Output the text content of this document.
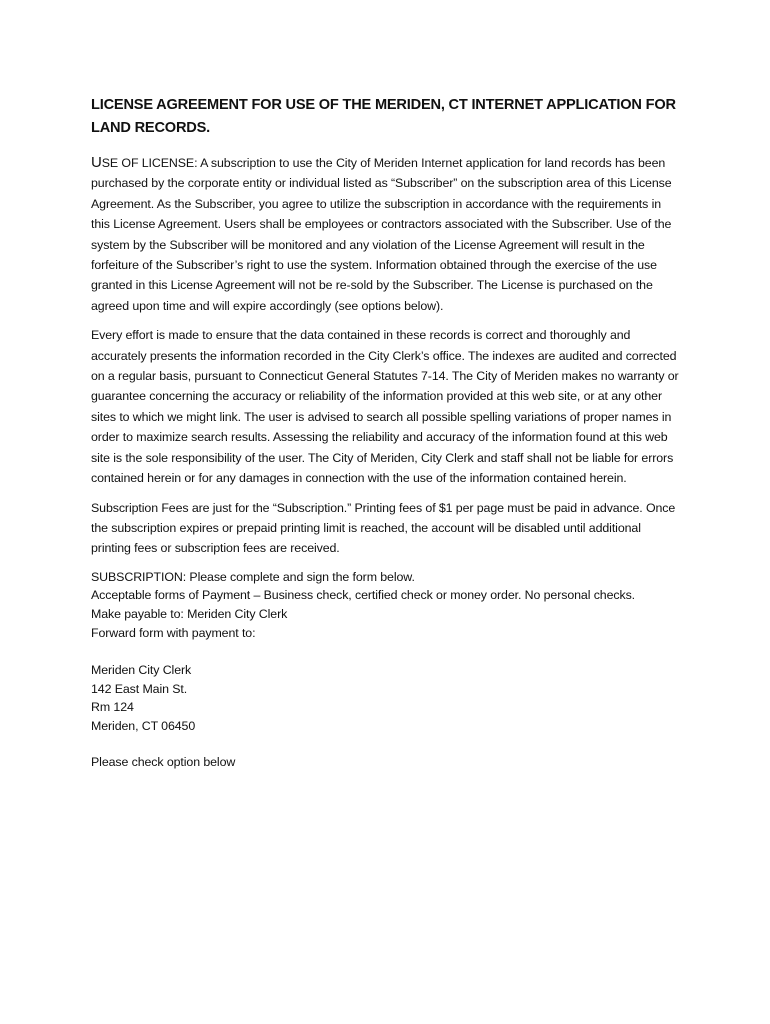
LICENSE AGREEMENT FOR USE OF THE MERIDEN, CT INTERNET APPLICATION FOR LAND RECORDS.

USE OF LICENSE: A subscription to use the City of Meriden Internet application for land records has been purchased by the corporate entity or individual listed as “Subscriber” on the subscription area of this License Agreement. As the Subscriber, you agree to utilize the subscription in accordance with the requirements in this License Agreement. Users shall be employees or contractors associated with the Subscriber. Use of the system by the Subscriber will be monitored and any violation of the License Agreement will result in the forfeiture of the Subscriber’s right to use the system. Information obtained through the exercise of the use granted in this License Agreement will not be re-sold by the Subscriber. The License is purchased on the agreed upon time and will expire accordingly (see options below).

Every effort is made to ensure that the data contained in these records is correct and thoroughly and accurately presents the information recorded in the City Clerk’s office. The indexes are audited and corrected on a regular basis, pursuant to Connecticut General Statutes 7-14. The City of Meriden makes no warranty or guarantee concerning the accuracy or reliability of the information provided at this web site, or at any other sites to which we might link. The user is advised to search all possible spelling variations of proper names in order to maximize search results. Assessing the reliability and accuracy of the information found at this web site is the sole responsibility of the user. The City of Meriden, City Clerk and staff shall not be liable for errors contained herein or for any damages in connection with the use of the information contained herein.

Subscription Fees are just for the “Subscription.” Printing fees of $1 per page must be paid in advance. Once the subscription expires or prepaid printing limit is reached, the account will be disabled until additional printing fees or subscription fees are received.

SUBSCRIPTION: Please complete and sign the form below.
Acceptable forms of Payment – Business check, certified check or money order. No personal checks.
Make payable to: Meriden City Clerk
Forward form with payment to:
Meriden City Clerk
142 East Main St.
Rm 124
Meriden, CT 06450
Please check option below
